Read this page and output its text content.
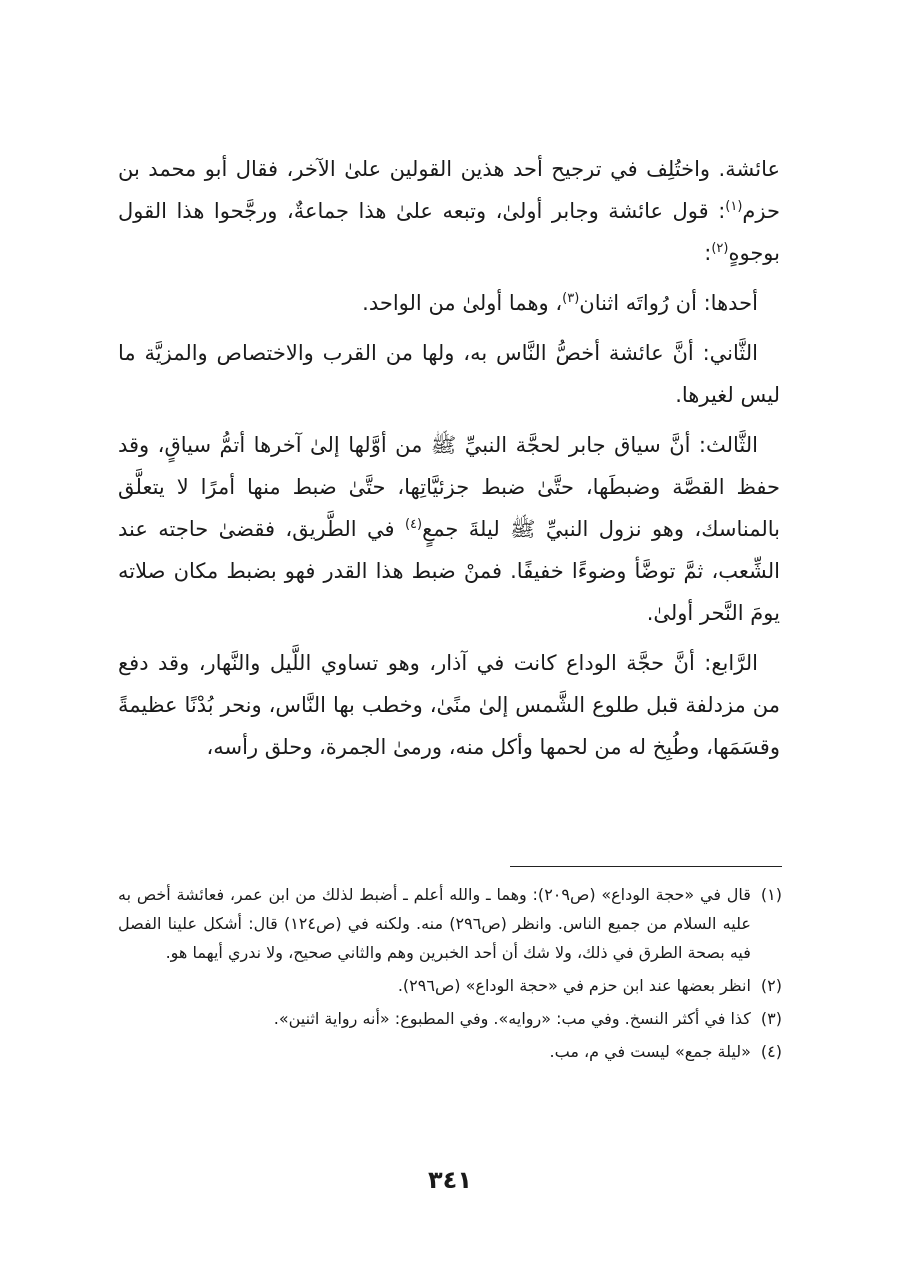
عائشة. واختُلِف في ترجيح أحد هذين القولين علىٰ الآخر، فقال أبو محمد بن حزم$^{(١)}$: قول عائشة وجابر أولىٰ، وتبعه علىٰ هذا جماعةٌ، ورجَّحوا هذا القول بوجوهٍ$^{(٢)}$:

أحدها: أن رُواتَه اثنان$^{(٣)}$، وهما أولىٰ من الواحد.

الثَّاني: أنَّ عائشة أخصُّ النَّاس به، ولها من القرب والاختصاص والمزيَّة ما ليس لغيرها.

الثَّالث: أنَّ سياق جابر لحجَّة النبيِّ ﷺ من أوَّلها إلىٰ آخرها أتمُّ سياقٍ، وقد حفظ القصَّة وضبطَها، حتَّىٰ ضبط جزئيَّاتِها، حتَّىٰ ضبط منها أمرًا لا يتعلَّق بالمناسك، وهو نزول النبيِّ ﷺ ليلةَ جمعٍ$^{(٤)}$ في الطَّريق، فقضىٰ حاجته عند الشِّعب، ثمَّ توضَّأ وضوءًا خفيفًا. فمنْ ضبط هذا القدر فهو بضبط مكان صلاته يومَ النَّحر أولىٰ.

الرَّابع: أنَّ حجَّة الوداع كانت في آذار، وهو تساوي اللَّيل والنَّهار، وقد دفع من مزدلفة قبل طلوع الشَّمس إلىٰ منًىٰ، وخطب بها النَّاس، ونحر بُدْنًا عظيمةً وقسَمَها، وطُبِخ له من لحمها وأكل منه، ورمىٰ الجمرة، وحلق رأسه،

(١)
قال في «حجة الوداع» (ص٢٠٩): وهما ـ والله أعلم ـ أضبط لذلك من ابن عمر، فعائشة أخص به عليه السلام من جميع الناس. وانظر (ص٢٩٦) منه. ولكنه في (ص١٢٤) قال: أشكل علينا الفصل فيه بصحة الطرق في ذلك، ولا شك أن أحد الخبرين وهم والثاني صحيح، ولا ندري أيهما هو.
(٢)
انظر بعضها عند ابن حزم في «حجة الوداع» (ص٢٩٦).
(٣)
كذا في أكثر النسخ. وفي مب: «روايه». وفي المطبوع: «أنه رواية اثنين».
(٤)
«ليلة جمع» ليست في م، مب.
٣٤١
